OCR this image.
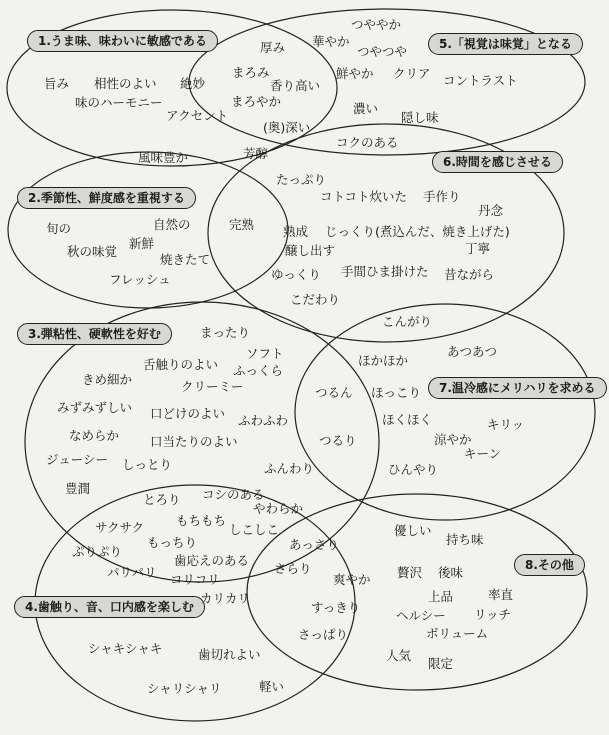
1.うま味、味わいに敏感である
2.季節性、鮮度感を重視する
3.弾粘性、硬軟性を好む
4.歯触り、音、口内感を楽しむ
5.「視覚は味覚」となる
6.時間を感じさせる
7.温冷感にメリハリを求める
8.その他
旨み 相性のよい 絶妙
味のハーモニー
アクセント
厚み
まろみ
香り高い
まろやか
(奥)深い
華やか
つややか
つやつや
鮮やか クリア コントラスト
濃い
隠し味
コクのある
芳醇
風味豊か
旬の	自然の
新鮮
秋の味覚
焼きたて
フレッシュ
完熟
たっぷり
コトコト炊いた 手作り
丹念
熟成 じっくり(煮込んだ、焼き上げた)
醸し出す	丁寧
ゆっくり 手間ひま掛けた 昔ながら
こだわり
こんがり
まったり
ソフト
舌触りのよい ふっくら
きめ細か	クリーミー
みずみずしい 口どけのよい ふわふわ
なめらか 口当たりのよい
ジューシー しっとり	ふんわり
豊潤
ほかほか
あつあつ
つるん ほっこり
ほくほく	キリッ
涼やか
キーン
つるり
ひんやり
とろり コシのある
やわらか
サクサク	もちもち
しこしこ
もっちり
ぷりぷり
歯応えのある
パリパリ コリコリ
カリカリ
あっさり
さらり
シャキシャキ	歯切れよい
シャリシャリ	軽い
爽やか
すっきり
さっぱり
優しい
持ち味
贅沢 後味
上品	率直
ヘルシー リッチ
ボリューム
人気
限定
